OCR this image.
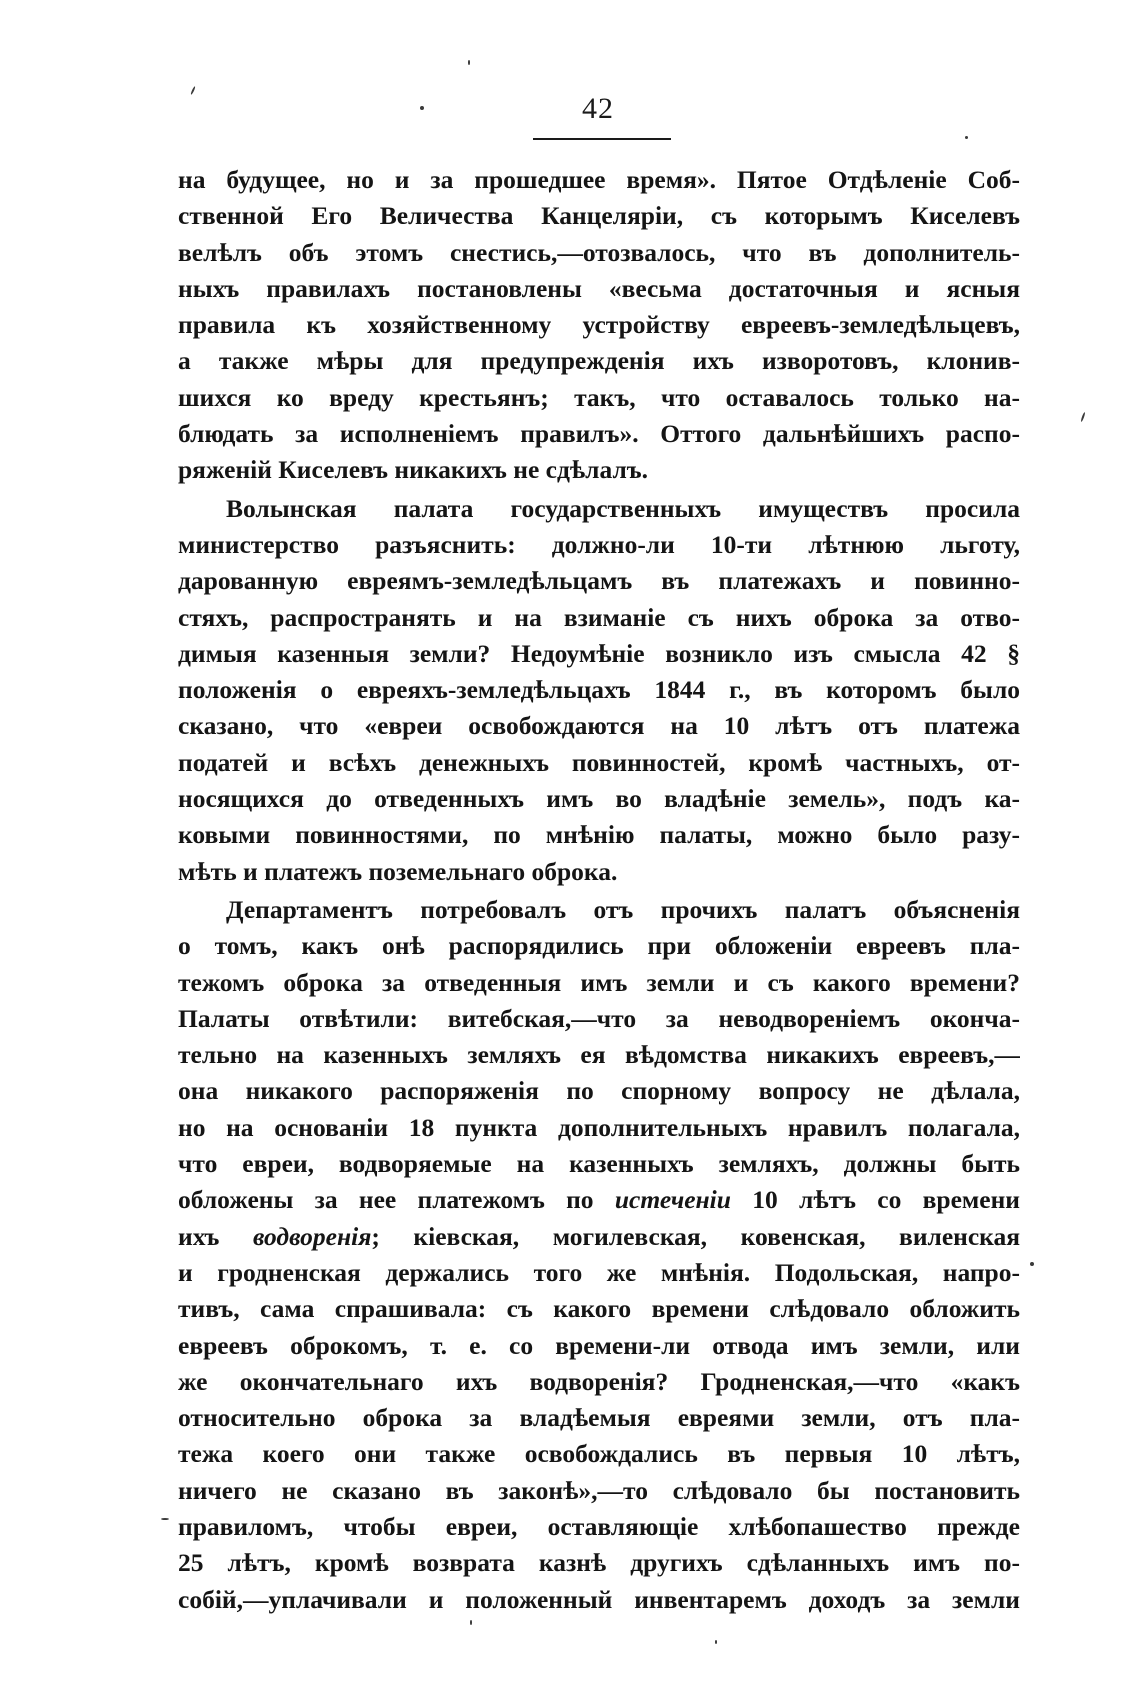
42
на будущее, но и за прошедшее время». Пятое Отдѣленіе Соб-
ственной Его Величества Канцеляріи, съ которымъ Киселевъ
велѣлъ объ этомъ снестись,—отозвалось, что въ дополнитель-
ныхъ правилахъ постановлены «весьма достаточныя и ясныя
правила къ хозяйственному устройству евреевъ-земледѣльцевъ,
а также мѣры для предупрежденія ихъ изворотовъ, клонив-
шихся ко вреду крестьянъ; такъ, что оставалось только на-
блюдать за исполненіемъ правилъ». Оттого дальнѣйшихъ распо-
ряженій Киселевъ никакихъ не сдѣлалъ.
Волынская палата государственныхъ имуществъ просила
министерство разъяснить: должно-ли 10-ти лѣтнюю льготу,
дарованную евреямъ-земледѣльцамъ въ платежахъ и повинно-
стяхъ, распространять и на взиманіе съ нихъ оброка за отво-
димыя казенныя земли? Недоумѣніе возникло изъ смысла 42 §
положенія о евреяхъ-земледѣльцахъ 1844 г., въ которомъ было
сказано, что «евреи освобождаются на 10 лѣтъ отъ платежа
податей и всѣхъ денежныхъ повинностей, кромѣ частныхъ, от-
носящихся до отведенныхъ имъ во владѣніе земель», подъ ка-
ковыми повинностями, по мнѣнію палаты, можно было разу-
мѣть и платежъ поземельнаго оброка.
Департаментъ потребовалъ отъ прочихъ палатъ объясненія
о томъ, какъ онѣ распорядились при обложеніи евреевъ пла-
тежомъ оброка за отведенныя имъ земли и съ какого времени?
Палаты отвѣтили: витебская,—что за неводвореніемъ оконча-
тельно на казенныхъ земляхъ ея вѣдомства никакихъ евреевъ,—
она никакого распоряженія по спорному вопросу не дѣлала,
но на основаніи 18 пункта дополнительныхъ нравилъ полагала,
что евреи, водворяемые на казенныхъ земляхъ, должны быть
обложены за нее платежомъ по истеченіи 10 лѣтъ со времени
ихъ водворенія; кіевская, могилевская, ковенская, виленская
и гродненская держались того же мнѣнія. Подольская, напро-
тивъ, сама спрашивала: съ какого времени слѣдовало обложить
евреевъ оброкомъ, т. е. со времени-ли отвода имъ земли, или
же окончательнаго ихъ водворенія? Гродненская,—что «какъ
относительно оброка за владѣемыя евреями земли, отъ пла-
тежа коего они также освобождались въ первыя 10 лѣтъ,
ничего не сказано въ законѣ»,—то слѣдовало бы постановить
правиломъ, чтобы евреи, оставляющіе хлѣбопашество прежде
25 лѣтъ, кромѣ возврата казнѣ другихъ сдѣланныхъ имъ по-
собій,—уплачивали и положенный инвентаремъ доходъ за земли
